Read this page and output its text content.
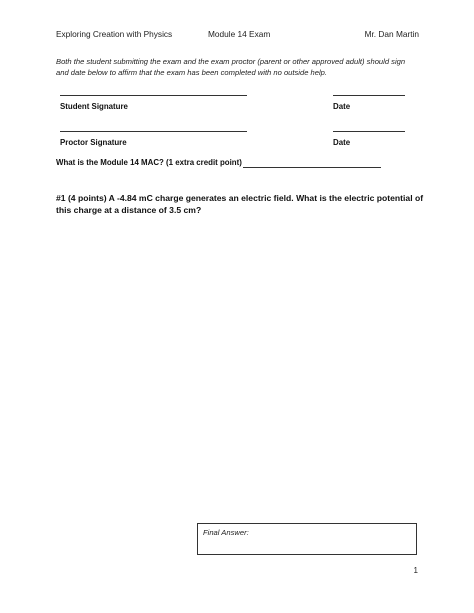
Exploring Creation with Physics	Module 14 Exam	Mr. Dan Martin
Both the student submitting the exam and the exam proctor (parent or other approved adult) should sign and date below to affirm that the exam has been completed with no outside help.
Student Signature	Date
Proctor Signature	Date
What is the Module 14 MAC? (1 extra credit point)
#1 (4 points) A -4.84 mC charge generates an electric field. What is the electric potential of this charge at a distance of 3.5 cm?
Final Answer:
1
